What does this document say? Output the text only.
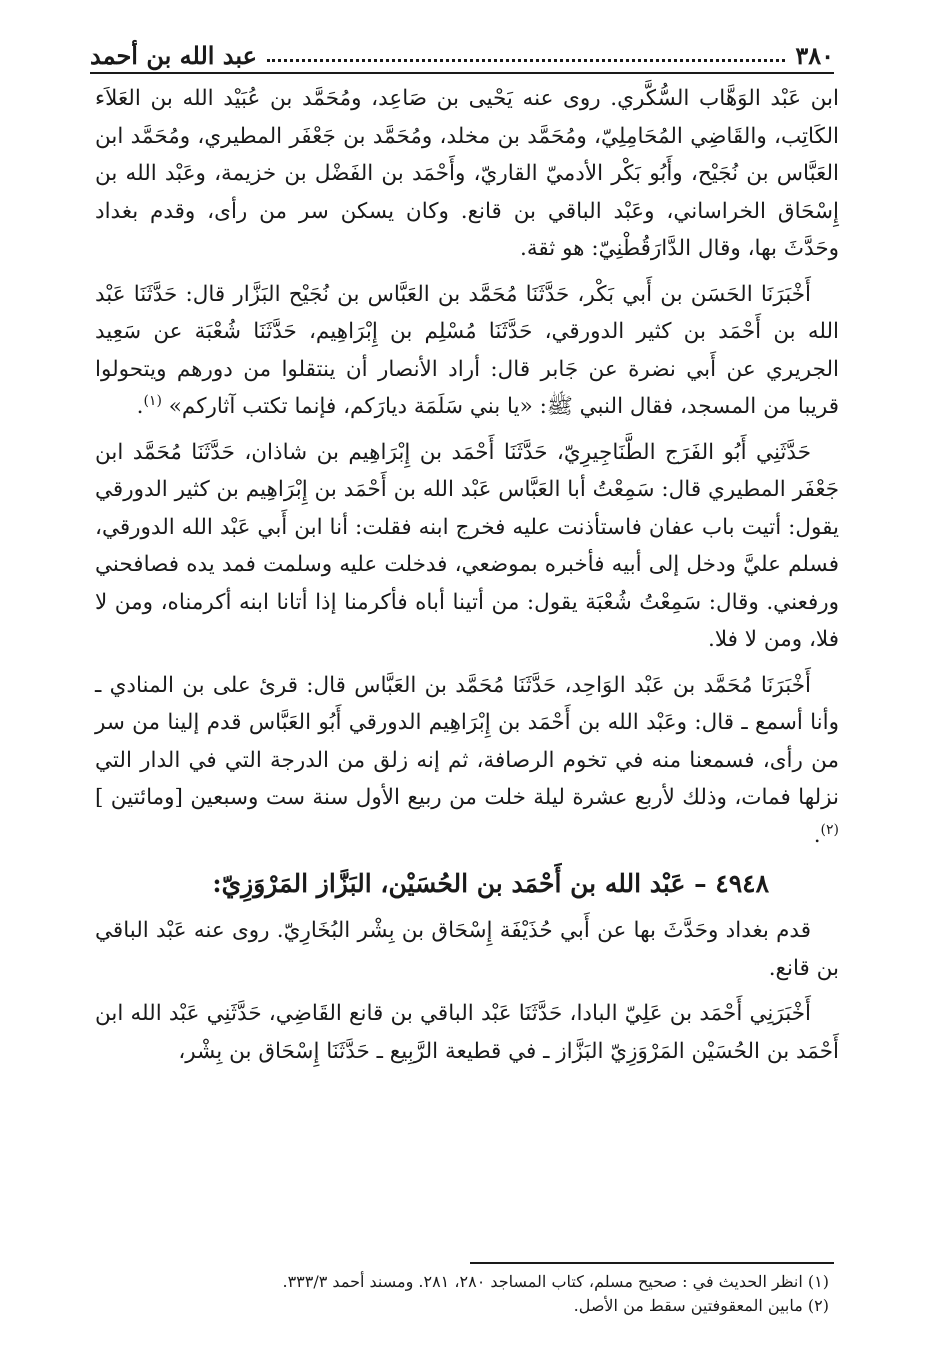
٣٨٠
عبد الله بن أحمد

ابن عَبْد الوَهَّاب السُّكَّري. روى عنه يَحْيى بن صَاعِد، ومُحَمَّد بن عُبَيْد الله بن العَلاَء الكَاتِب، والقَاضِي المُحَامِلِيّ، ومُحَمَّد بن مخلد، ومُحَمَّد بن جَعْفَر المطيري، ومُحَمَّد ابن العَبَّاس بن نُجَيْح، وأَبُو بَكْر الأدميّ القاريّ، وأَحْمَد بن الفَضْل بن خزيمة، وعَبْد الله بن إِسْحَاق الخراساني، وعَبْد الباقي بن قانع. وكان يسكن سر من رأى، وقدم بغداد وحَدَّثَ بها، وقال الدَّارَقُطْنِيّ: هو ثقة.

أَخْبَرَنَا الحَسَن بن أَبي بَكْر، حَدَّثَنَا مُحَمَّد بن العَبَّاس بن نُجَيْح البَزَّار قال: حَدَّثَنَا عَبْد الله بن أَحْمَد بن كثير الدورقي، حَدَّثَنَا مُسْلِم بن إِبْرَاهِيم، حَدَّثَنَا شُعْبَة عن سَعِيد الجريري عن أَبي نضرة عن جَابر قال: أراد الأنصار أن ينتقلوا من دورهم ويتحولوا قريبا من المسجد، فقال النبي ﷺ: «يا بني سَلَمَة ديارَكم، فإنما تكتب آثاركم» $^{(١)}$.

حَدَّثَنِي أَبُو الفَرَج الطَّنَاجِيرِيّ، حَدَّثَنَا أَحْمَد بن إِبْرَاهِيم بن شاذان، حَدَّثَنَا مُحَمَّد ابن جَعْفَر المطيري قال: سَمِعْتُ أبا العَبَّاس عَبْد الله بن أَحْمَد بن إِبْرَاهِيم بن كثير الدورقي يقول: أتيت باب عفان فاستأذنت عليه فخرج ابنه فقلت: أنا ابن أَبي عَبْد الله الدورقي، فسلم عليَّ ودخل إلى أبيه فأخبره بموضعي، فدخلت عليه وسلمت فمد يده فصافحني ورفعني. وقال: سَمِعْتُ شُعْبَة يقول: من أتينا أباه فأكرمنا إذا أتانا ابنه أكرمناه، ومن لا فلا، ومن لا فلا.

أَخْبَرَنَا مُحَمَّد بن عَبْد الوَاحِد، حَدَّثَنَا مُحَمَّد بن العَبَّاس قال: قرئ على بن المنادي ـ وأنا أسمع ـ قال: وعَبْد الله بن أَحْمَد بن إِبْرَاهِيم الدورقي أَبُو العَبَّاس قدم إلينا من سر من رأى، فسمعنا منه في تخوم الرصافة، ثم إنه زلق من الدرجة التي في الدار التي نزلها فمات، وذلك لأربع عشرة ليلة خلت من ربيع الأول سنة ست وسبعين [ومائتين ] $^{(٢)}$.

٤٩٤٨ – عَبْد الله بن أَحْمَد بن الحُسَيْن، البَزَّاز المَرْوَزِيّ:

قدم بغداد وحَدَّثَ بها عن أَبي حُذَيْفَة إِسْحَاق بن بِشْر البُخَارِيّ. روى عنه عَبْد الباقي بن قانع.

أَخْبَرَنِي أَحْمَد بن عَلِيّ البادا، حَدَّثَنَا عَبْد الباقي بن قانع القَاضِي، حَدَّثَنِي عَبْد الله ابن أَحْمَد بن الحُسَيْن المَرْوَزِيّ البَزَّاز ـ في قطيعة الرَّبِيع ـ حَدَّثَنَا إِسْحَاق بن بِشْر،

(١) انظر الحديث في : صحيح مسلم، كتاب المساجد ٢٨٠، ٢٨١. ومسند أحمد ٣٣٣/٣.
(٢) مابين المعقوفتين سقط من الأصل.
